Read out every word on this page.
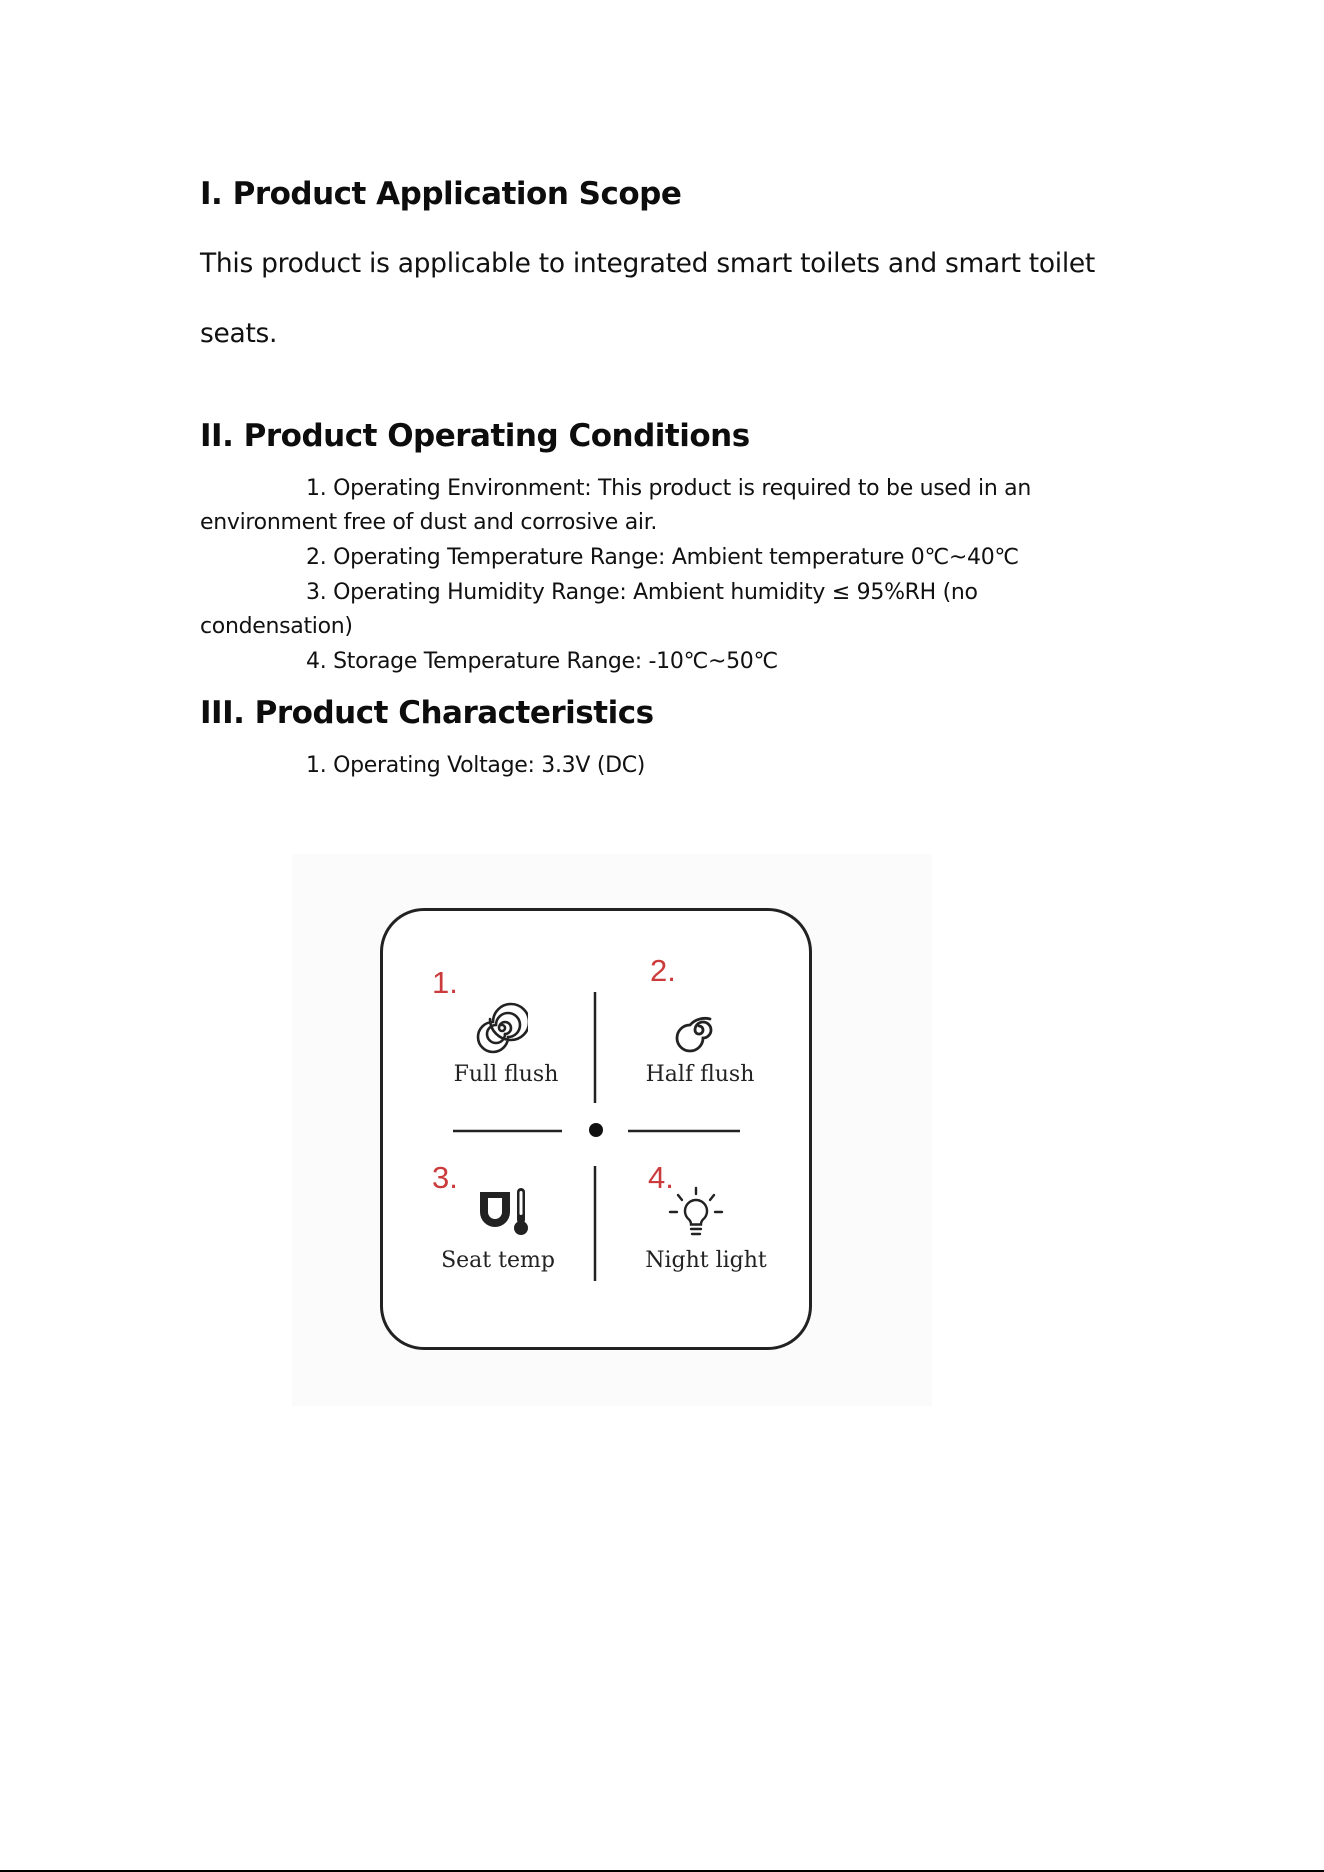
I. Product Application Scope

This product is applicable to integrated smart toilets and smart toilet

seats.

II. Product Operating Conditions

1. Operating Environment: This product is required to be used in an

environment free of dust and corrosive air.

2. Operating Temperature Range: Ambient temperature 0℃~40℃

3. Operating Humidity Range: Ambient humidity ≤ 95%RH (no

condensation)

4. Storage Temperature Range: -10℃~50℃

III. Product Characteristics

1. Operating Voltage: 3.3V (DC)

1.
Full flush
2.
Half flush
3.
Seat temp
4.
Night light
